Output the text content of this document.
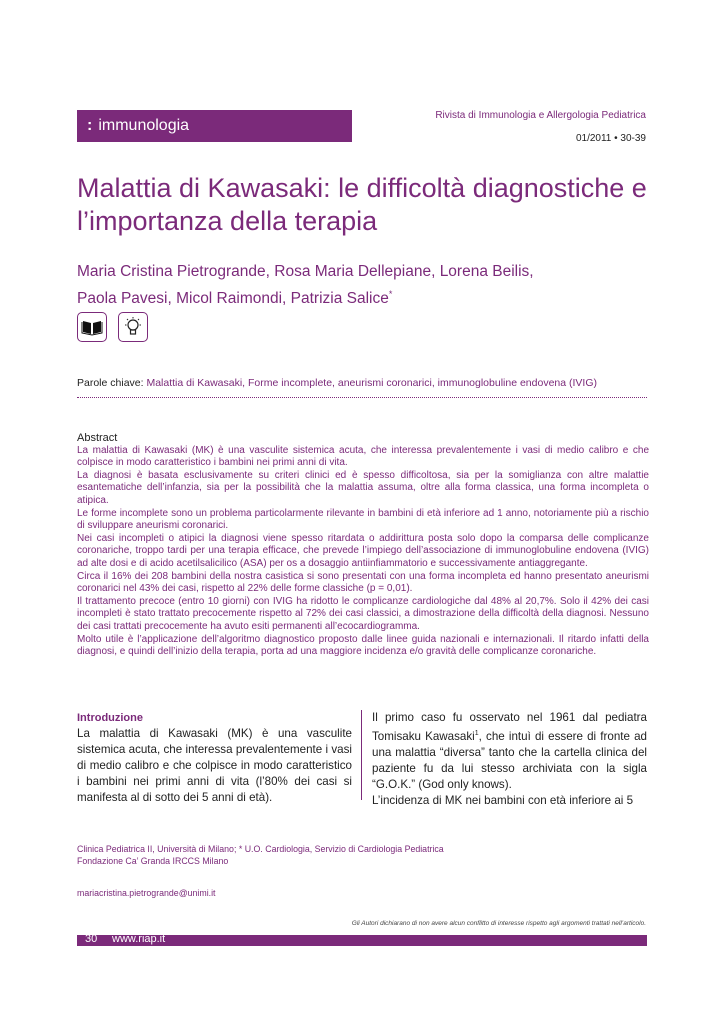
: immunologia
Rivista di Immunologia e Allergologia Pediatrica
01/2011 • 30-39
Malattia di Kawasaki: le difficoltà diagnostiche e l’importanza della terapia
Maria Cristina Pietrogrande, Rosa Maria Dellepiane, Lorena Beilis,
Paola Pavesi, Micol Raimondi, Patrizia Salice*
Parole chiave: Malattia di Kawasaki, Forme incomplete, aneurismi coronarici, immunoglobuline endovena (IVIG)
Abstract

La malattia di Kawasaki (MK) è una vasculite sistemica acuta, che interessa prevalentemente i vasi di medio calibro e che colpisce in modo caratteristico i bambini nei primi anni di vita.

La diagnosi è basata esclusivamente su criteri clinici ed è spesso difficoltosa, sia per la somiglianza con altre malattie esantematiche dell’infanzia, sia per la possibilità che la malattia assuma, oltre alla forma classica, una forma incompleta o atipica.

Le forme incomplete sono un problema particolarmente rilevante in bambini di età inferiore ad 1 anno, notoriamente più a rischio di sviluppare aneurismi coronarici.

Nei casi incompleti o atipici la diagnosi viene spesso ritardata o addirittura posta solo dopo la comparsa delle complicanze coronariche, troppo tardi per una terapia efficace, che prevede l’impiego dell’associazione di immunoglobuline endovena (IVIG) ad alte dosi e di acido acetilsalicilico (ASA) per os a dosaggio antiinfiammatorio e successivamente antiaggregante.

Circa il 16% dei 208 bambini della nostra casistica si sono presentati con una forma incompleta ed hanno presentato aneurismi coronarici nel 43% dei casi, rispetto al 22% delle forme classiche (p = 0,01).

Il trattamento precoce (entro 10 giorni) con IVIG ha ridotto le complicanze cardiologiche dal 48% al 20,7%. Solo il 42% dei casi incompleti è stato trattato precocemente rispetto al 72% dei casi classici, a dimostrazione della difficoltà della diagnosi. Nessuno dei casi trattati precocemente ha avuto esiti permanenti all’ecocardiogramma.

Molto utile è l’applicazione dell’algoritmo diagnostico proposto dalle linee guida nazionali e internazionali. Il ritardo infatti della diagnosi, e quindi dell’inizio della terapia, porta ad una maggiore incidenza e/o gravità delle complicanze coronariche.

Introduzione

La malattia di Kawasaki (MK) è una vasculite sistemica acuta, che interessa prevalentemente i vasi di medio calibro e che colpisce in modo caratteristico i bambini nei primi anni di vita (l’80% dei casi si manifesta al di sotto dei 5 anni di età).

Il primo caso fu osservato nel 1961 dal pediatra Tomisaku Kawasaki$^1$, che intuì di essere di fronte ad una malattia “diversa” tanto che la cartella clinica del paziente fu da lui stesso archiviata con la sigla “G.O.K.” (God only knows).

L’incidenza di MK nei bambini con età inferiore ai 5

Clinica Pediatrica II, Università di Milano; * U.O. Cardiologia, Servizio di Cardiologia Pediatrica
Fondazione Ca’ Granda IRCCS Milano
mariacristina.pietrogrande@unimi.it
Gli Autori dichiarano di non avere alcun conflitto di interesse rispetto agli argomenti trattati nell’articolo.
30 www.riap.it
